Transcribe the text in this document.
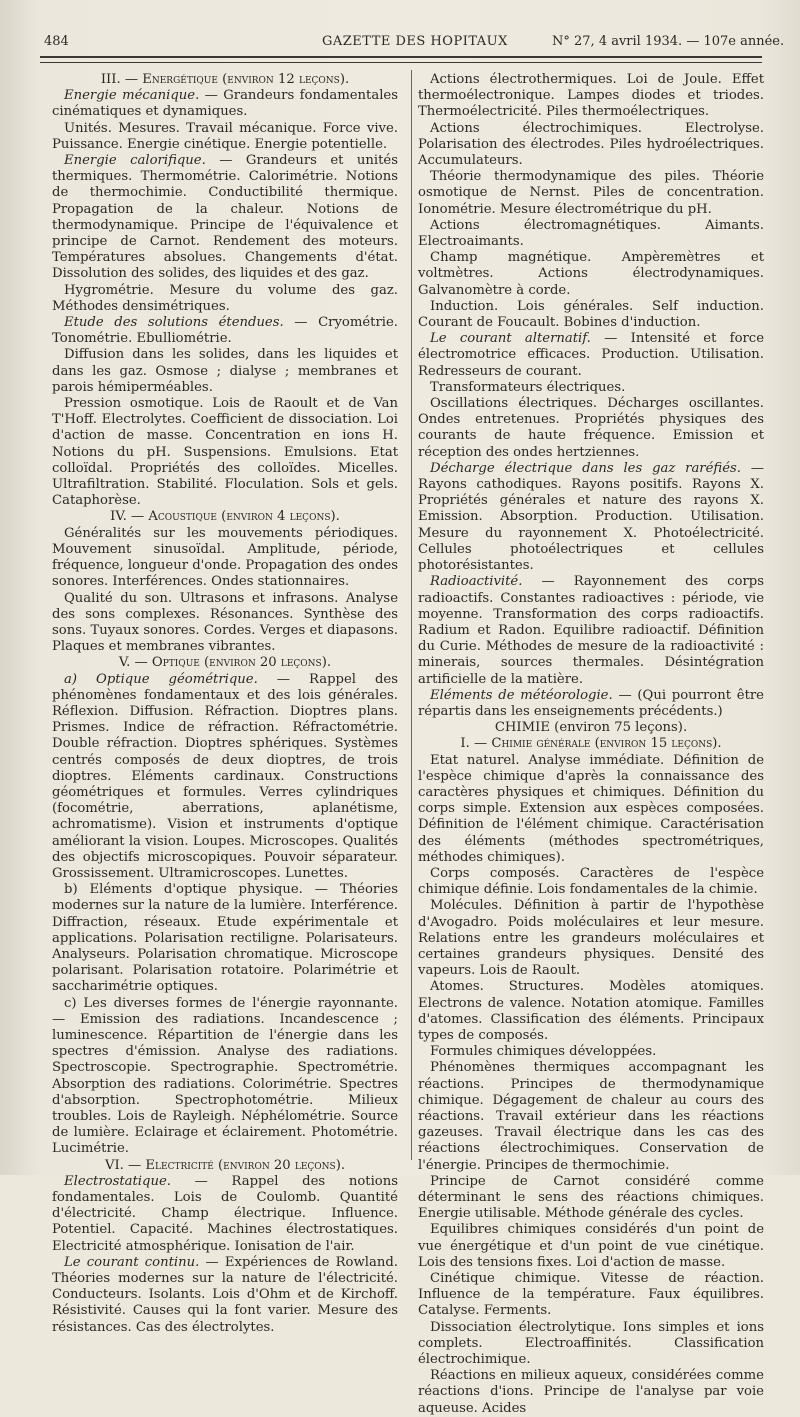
484	GAZETTE DES HOPITAUX	N° 27, 4 avril 1934. — 107e année.

III. — Energétique (environ 12 leçons).

Energie mécanique. — Grandeurs fondamentales cinématiques et dynamiques.

Unités. Mesures. Travail mécanique. Force vive. Puissance. Energie cinétique. Energie potentielle.

Energie calorifique. — Grandeurs et unités thermiques. Thermométrie. Calorimétrie. Notions de thermochimie. Conductibilité thermique. Propagation de la chaleur. Notions de thermodynamique. Principe de l'équivalence et principe de Carnot. Rendement des moteurs. Températures absolues. Changements d'état. Dissolution des solides, des liquides et des gaz.

Hygrométrie. Mesure du volume des gaz. Méthodes densimétriques.

Etude des solutions étendues. — Cryométrie. Tonométrie. Ebulliométrie.

Diffusion dans les solides, dans les liquides et dans les gaz. Osmose ; dialyse ; membranes et parois hémiperméables.

Pression osmotique. Lois de Raoult et de Van T'Hoff. Electrolytes. Coefficient de dissociation. Loi d'action de masse. Concentration en ions H. Notions du pH. Suspensions. Emulsions. Etat colloïdal. Propriétés des colloïdes. Micelles. Ultrafiltration. Stabilité. Floculation. Sols et gels. Cataphorèse.

IV. — Acoustique (environ 4 leçons).

Généralités sur les mouvements périodiques. Mouvement sinusoïdal. Amplitude, période, fréquence, longueur d'onde. Propagation des ondes sonores. Interférences. Ondes stationnaires.

Qualité du son. Ultrasons et infrasons. Analyse des sons complexes. Résonances. Synthèse des sons. Tuyaux sonores. Cordes. Verges et diapasons. Plaques et membranes vibrantes.

V. — Optique (environ 20 leçons).

a) Optique géométrique. — Rappel des phénomènes fondamentaux et des lois générales. Réflexion. Diffusion. Réfraction. Dioptres plans. Prismes. Indice de réfraction. Réfractométrie. Double réfraction. Dioptres sphériques. Systèmes centrés composés de deux dioptres, de trois dioptres. Eléments cardinaux. Constructions géométriques et formules. Verres cylindriques (focométrie, aberrations, aplanétisme, achromatisme). Vision et instruments d'optique améliorant la vision. Loupes. Microscopes. Qualités des objectifs microscopiques. Pouvoir séparateur. Grossissement. Ultramicroscopes. Lunettes.

b) Eléments d'optique physique. — Théories modernes sur la nature de la lumière. Interférence. Diffraction, réseaux. Etude expérimentale et applications. Polarisation rectiligne. Polarisateurs. Analyseurs. Polarisation chromatique. Microscope polarisant. Polarisation rotatoire. Polarimétrie et saccharimétrie optiques.

c) Les diverses formes de l'énergie rayonnante. — Emission des radiations. Incandescence ; luminescence. Répartition de l'énergie dans les spectres d'émission. Analyse des radiations. Spectroscopie. Spectrographie. Spectrométrie. Absorption des radiations. Colorimétrie. Spectres d'absorption. Spectrophotométrie. Milieux troubles. Lois de Rayleigh. Néphélométrie. Source de lumière. Eclairage et éclairement. Photométrie. Lucimétrie.

VI. — Electricité (environ 20 leçons).

Electrostatique. — Rappel des notions fondamentales. Lois de Coulomb. Quantité d'électricité. Champ électrique. Influence. Potentiel. Capacité. Machines électrostatiques. Electricité atmosphérique. Ionisation de l'air.

Le courant continu. — Expériences de Rowland. Théories modernes sur la nature de l'électricité. Conducteurs. Isolants. Lois d'Ohm et de Kirchoff. Résistivité. Causes qui la font varier. Mesure des résistances. Cas des électrolytes.

Actions électrothermiques. Loi de Joule. Effet thermoélectronique. Lampes diodes et triodes. Thermoélectricité. Piles thermoélectriques.

Actions électrochimiques. Electrolyse. Polarisation des électrodes. Piles hydroélectriques. Accumulateurs.

Théorie thermodynamique des piles. Théorie osmotique de Nernst. Piles de concentration. Ionométrie. Mesure électrométrique du pH.

Actions électromagnétiques. Aimants. Electroaimants.

Champ magnétique. Ampèremètres et voltmètres. Actions électrodynamiques. Galvanomètre à corde.

Induction. Lois générales. Self induction. Courant de Foucault. Bobines d'induction.

Le courant alternatif. — Intensité et force électromotrice efficaces. Production. Utilisation. Redresseurs de courant.

Transformateurs électriques.

Oscillations électriques. Décharges oscillantes. Ondes entretenues. Propriétés physiques des courants de haute fréquence. Emission et réception des ondes hertziennes.

Décharge électrique dans les gaz raréfiés. — Rayons cathodiques. Rayons positifs. Rayons X. Propriétés générales et nature des rayons X. Emission. Absorption. Production. Utilisation. Mesure du rayonnement X. Photoélectricité. Cellules photoélectriques et cellules photorésistantes.

Radioactivité. — Rayonnement des corps radioactifs. Constantes radioactives : période, vie moyenne. Transformation des corps radioactifs. Radium et Radon. Equilibre radioactif. Définition du Curie. Méthodes de mesure de la radioactivité : minerais, sources thermales. Désintégration artificielle de la matière.

Eléments de météorologie. — (Qui pourront être répartis dans les enseignements précédents.)

CHIMIE (environ 75 leçons).

I. — Chimie générale (environ 15 leçons).

Etat naturel. Analyse immédiate. Définition de l'espèce chimique d'après la connaissance des caractères physiques et chimiques. Définition du corps simple. Extension aux espèces composées. Définition de l'élément chimique. Caractérisation des éléments (méthodes spectrométriques, méthodes chimiques).

Corps composés. Caractères de l'espèce chimique définie. Lois fondamentales de la chimie.

Molécules. Définition à partir de l'hypothèse d'Avogadro. Poids moléculaires et leur mesure. Relations entre les grandeurs moléculaires et certaines grandeurs physiques. Densité des vapeurs. Lois de Raoult.

Atomes. Structures. Modèles atomiques. Electrons de valence. Notation atomique. Familles d'atomes. Classification des éléments. Principaux types de composés.

Formules chimiques développées.

Phénomènes thermiques accompagnant les réactions. Principes de thermodynamique chimique. Dégagement de chaleur au cours des réactions. Travail extérieur dans les réactions gazeuses. Travail électrique dans les cas des réactions électrochimiques. Conservation de l'énergie. Principes de thermochimie.

Principe de Carnot considéré comme déterminant le sens des réactions chimiques. Energie utilisable. Méthode générale des cycles.

Equilibres chimiques considérés d'un point de vue énergétique et d'un point de vue cinétique. Lois des tensions fixes. Loi d'action de masse.

Cinétique chimique. Vitesse de réaction. Influence de la température. Faux équilibres. Catalyse. Ferments.

Dissociation électrolytique. Ions simples et ions complets. Electroaffinités. Classification électrochimique.

Réactions en milieux aqueux, considérées comme réactions d'ions. Principe de l'analyse par voie aqueuse. Acides
